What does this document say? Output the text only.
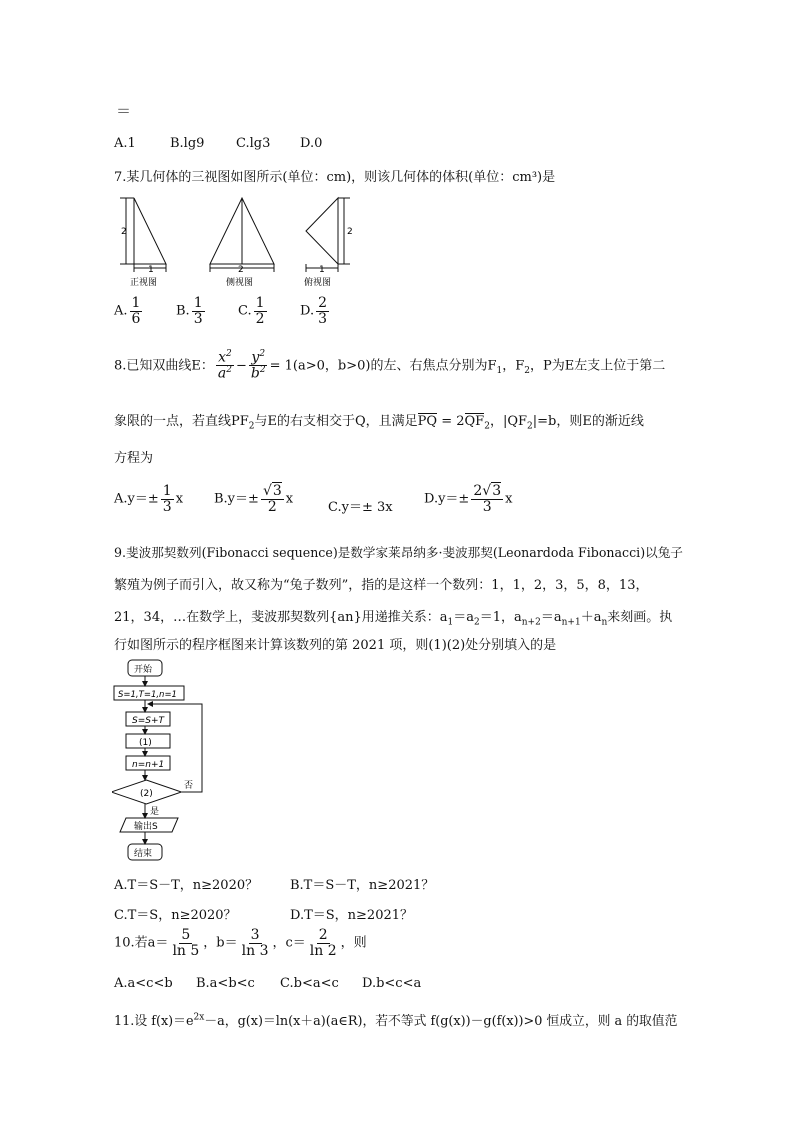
＝
A.1	B.lg9 C.lg3 D.0
7.某几何体的三视图如图所示(单位：cm)，则该几何体的体积(单位：cm³)是
2
1
正视图
2
侧视图
2
1
俯视图
A. $\frac{1}{6}$	B. $\frac{1}{3}$	C. $\frac{1}{2}$	D. $\frac{2}{3}$
8.已知双曲线E： $\frac{x^2}{a^2} - \frac{y^2}{b^2} = 1(a>0$，b>0)的左、右焦点分别为$F_1$，$F_2$，P为E左支上位于第二
象限的一点，若直线$PF_2$与E的右支相交于Q，且满足PQ = $2QF_2$，$|QF_2|=b$，则E的渐近线
方程为
$A.y=\pm \frac{1}{3}$ x $B.y=\pm \frac{√3}{2}$ x
C.y＝± 3x
$D.y=\pm \frac{2√3}{3}$ x
9.斐波那契数列(Fibonacci sequence)是数学家莱昂纳多·斐波那契(Leonardoda Fibonacci)以兔子
繁殖为例子而引入，故又称为“兔子数列”，指的是这样一个数列：1，1，2，3，5，8，13，
21，34，…在数学上，斐波那契数列{an}用递推关系：$a_1=a_2=1$，$a_{n+2}=a_{n+1}+a_n$来刻画。执
行如图所示的程序框图来计算该数列的第 2021 项，则(1)(2)处分别填入的是
开始
S=1,T=1,n=1
S=S+T
(1)
n=n+1
(2)
否
是
输出S
结束
A.T＝S－T，n≥2020？ B.T＝S－T，n≥2021？
C.T＝S，n≥2020？	D.T＝S，n≥2021？
10.若$a= \frac{5}{\ln 5}$ ，$b= \frac{3}{\ln 3}$ ，$c= \frac{2}{\ln 2}$ ，则
A.a<c<b B.a<b<c C.b<a<c D.b<c<a
11.设 $f(x)=e^{2x}-a$，g(x)＝ln(x＋a)(a∈R)，若不等式 f(g(x))－g(f(x))>0 恒成立，则 a 的取值范
